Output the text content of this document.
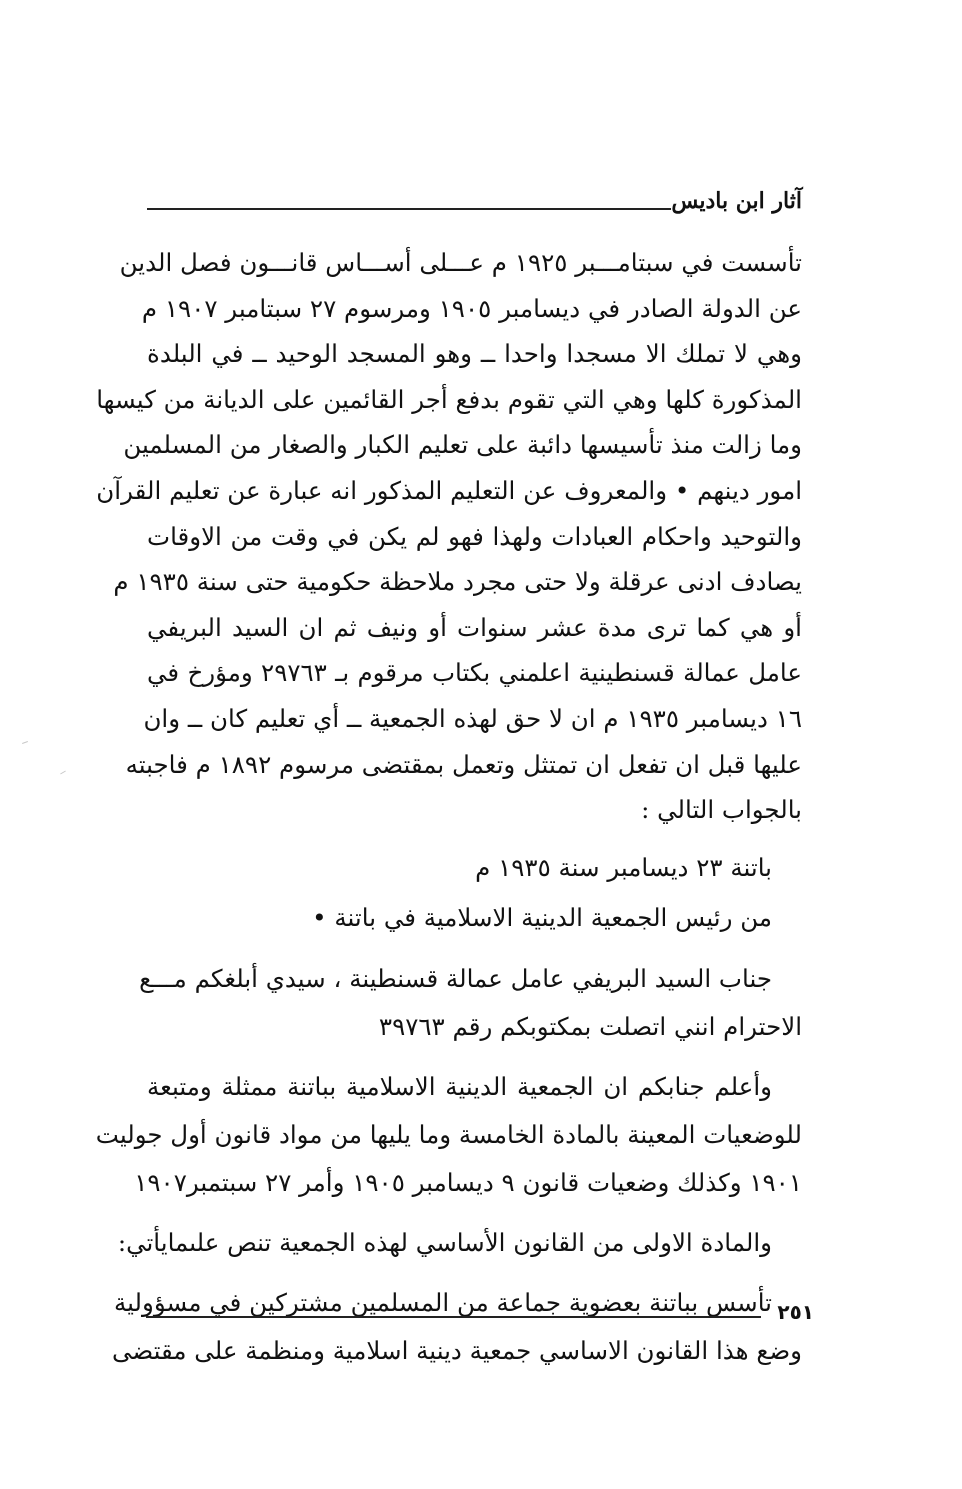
آثار ابن باديس
تأسست في سبتامـــبر ١٩٢٥ م عـــلى أســـاس قانـــون فصل الدين
عن الدولة الصادر في ديسامبر ١٩٠٥ ومرسوم ٢٧ سبتامبر ١٩٠٧ م
وهي لا تملك الا مسجدا واحدا ــ وهو المسجد الوحيد ــ في البلدة
المذكورة كلها وهي التي تقوم بدفع أجر القائمين على الديانة من كيسها
وما زالت منذ تأسيسها دائبة على تعليم الكبار والصغار من المسلمين
امور دينهم • والمعروف عن التعليم المذكور انه عبارة عن تعليم القرآن
والتوحيد واحكام العبادات ولهذا فهو لم يكن في وقت من الاوقات
يصادف ادنى عرقلة ولا حتى مجرد ملاحظة حكومية حتى سنة ١٩٣٥ م
أو هي كما ترى مدة عشر سنوات أو ونيف ثم ان السيد البريفي
عامل عمالة قسنطينية اعلمني بكتاب مرقوم بـ ٢٩٧٦٣ ومؤرخ في
١٦ ديسامبر ١٩٣٥ م ان لا حق لهذه الجمعية ــ أي تعليم كان ــ وان
عليها قبل ان تفعل ان تمتثل وتعمل بمقتضى مرسوم ١٨٩٢ م فاجبته
بالجواب التالي :
باتنة ٢٣ ديسامبر سنة ١٩٣٥ م
من رئيس الجمعية الدينية الاسلامية في باتنة •
جناب السيد البريفي عامل عمالة قسنطينة ، سيدي أبلغكم مـــع
الاحترام انني اتصلت بمكتوبكم رقم ٣٩٧٦٣
وأعلم جنابكم ان الجمعية الدينية الاسلامية بباتنة ممثلة ومتبعة
للوضعيات المعينة بالمادة الخامسة وما يليها من مواد قانون أول جوليت
١٩٠١ وكذلك وضعيات قانون ٩ ديسامبر ١٩٠٥ وأمر ٢٧ سبتمبر١٩٠٧
والمادة الاولى من القانون الأساسي لهذه الجمعية تنص علىمايأتي:
تأسس بباتنة بعضوية جماعة من المسلمين مشتركين في مسؤولية
وضع هذا القانون الاساسي جمعية دينية اسلامية ومنظمة على مقتضى
٢٥١
